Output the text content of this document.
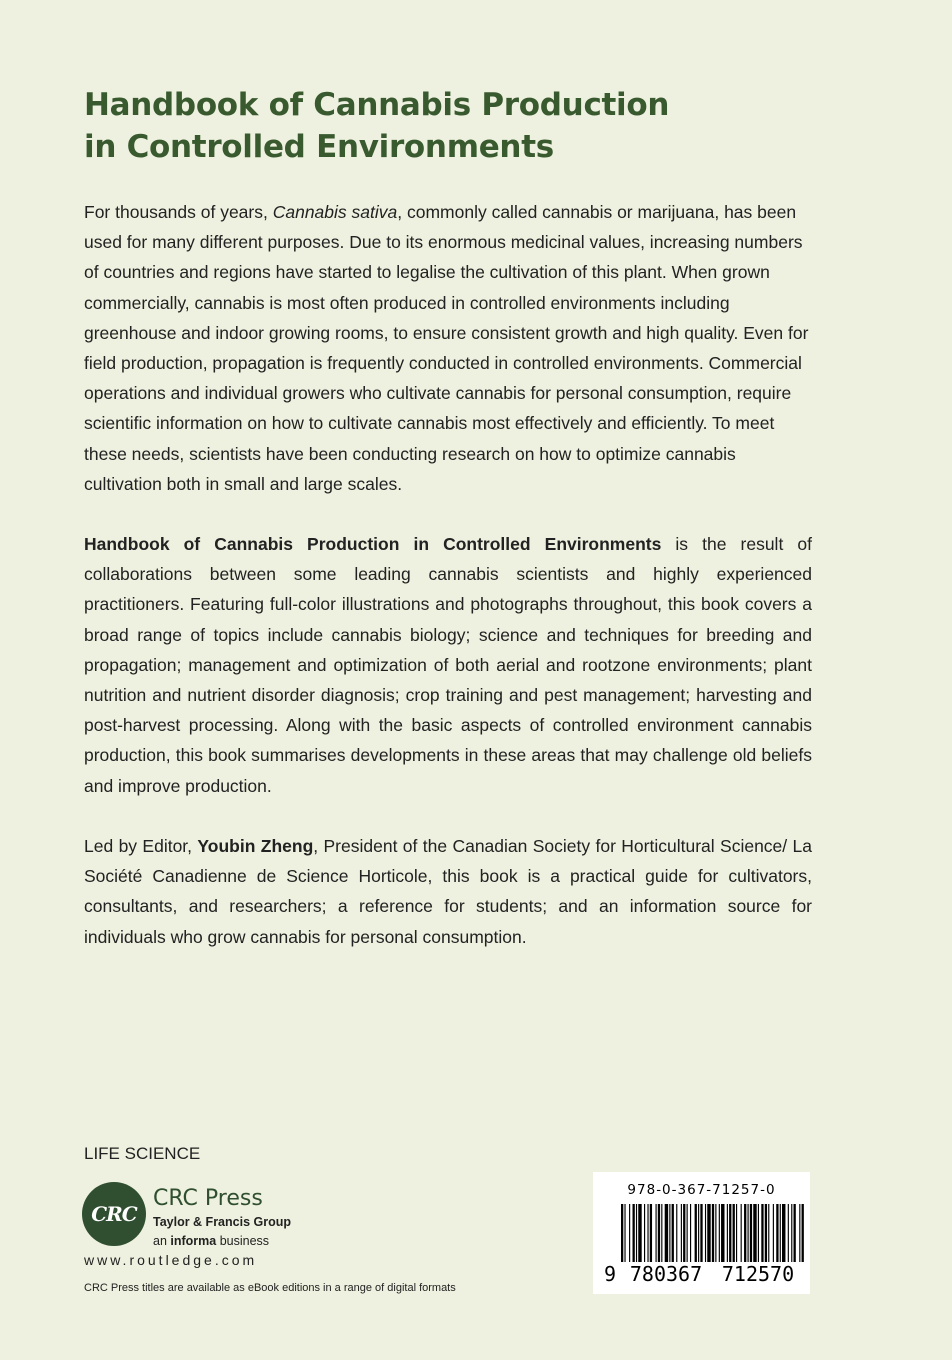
Handbook of Cannabis Production
in Controlled Environments

For thousands of years, Cannabis sativa, commonly called cannabis or marijuana, has been used for many different purposes. Due to its enormous medicinal values, increasing numbers of countries and regions have started to legalise the cultivation of this plant. When grown commercially, cannabis is most often produced in controlled environments including greenhouse and indoor growing rooms, to ensure consistent growth and high quality. Even for field production, propagation is frequently conducted in controlled environments. Commercial operations and individual growers who cultivate cannabis for personal consumption, require scientific information on how to cultivate cannabis most effectively and efficiently. To meet these needs, scientists have been conducting research on how to optimize cannabis cultivation both in small and large scales.

Handbook of Cannabis Production in Controlled Environments is the result of collaborations between some leading cannabis scientists and highly experienced practitioners. Featuring full-color illustrations and photographs throughout, this book covers a broad range of topics include cannabis biology; science and techniques for breeding and propagation; management and optimization of both aerial and rootzone environments; plant nutrition and nutrient disorder diagnosis; crop training and pest management; harvesting and post-harvest processing. Along with the basic aspects of controlled environment cannabis production, this book summarises developments in these areas that may challenge old beliefs and improve production.

Led by Editor, Youbin Zheng, President of the Canadian Society for Horticultural Science/ La Société Canadienne de Science Horticole, this book is a practical guide for cultivators, consultants, and researchers; a reference for students; and an information source for individuals who grow cannabis for personal consumption.

LIFE SCIENCE

CRC

CRC Press

Taylor & Francis Group

an informa business

www.routledge.com

CRC Press titles are available as eBook editions in a range of digital formats

978-0-367-71257-0

9 780367 712570
